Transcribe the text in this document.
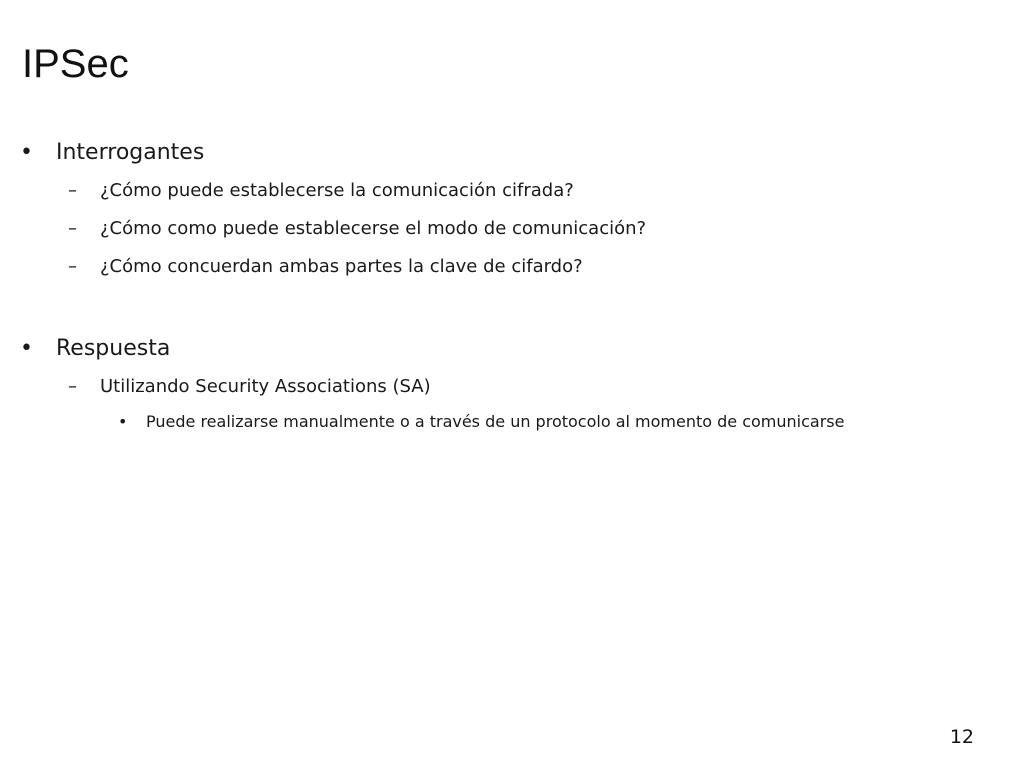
IPSec
• Interrogantes
– ¿Cómo puede establecerse la comunicación cifrada?
– ¿Cómo como puede establecerse el modo de comunicación?
– ¿Cómo concuerdan ambas partes la clave de cifardo?
• Respuesta
– Utilizando Security Associations (SA)
• Puede realizarse manualmente o a través de un protocolo al momento de comunicarse
12
